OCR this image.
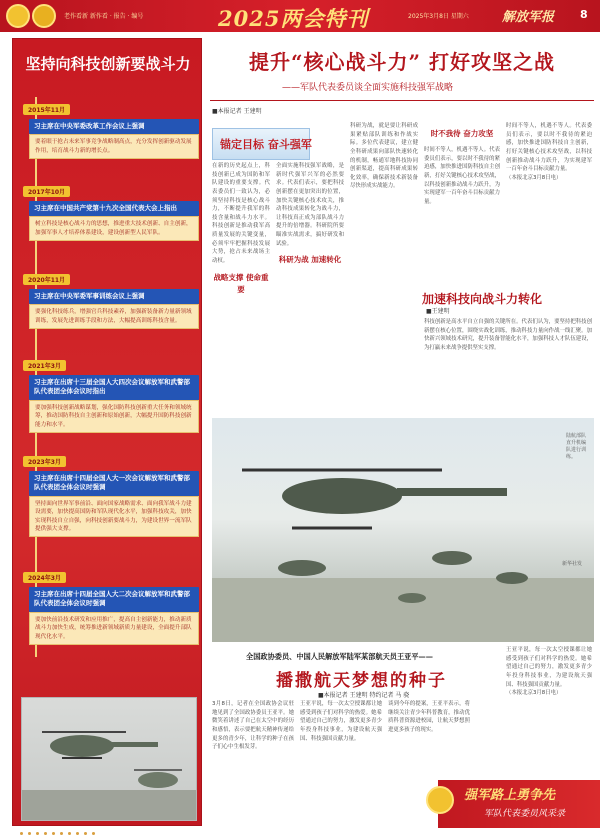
老作看新 新作看 · 报告 · 编号	2025两会特刊	2025年3月8日 星期六	解放军报 8
坚持向科技创新要战斗力
2015年11月
习主席在中央军委改革工作会议上强调
要着眼于抢占未来军事竞争战略制高点，充分发挥创新驱动发展作用，培育战斗力新的增长点。
2017年10月
习主席在中国共产党第十九次全国代表大会上指出
树立科技是核心战斗力的思想，推进重大技术创新、自主创新，加强军事人才培养体系建设，建设创新型人民军队。
2020年11月
习主席在中央军委军事训练会议上强调
要强化科技练兵，增强官兵科技素养，加强新装备新力量新领域训练，发展先进训练手段和方法，大幅提高训练科技含量。
2021年3月
习主席在出席十三届全国人大四次会议解放军和武警部队代表团全体会议时指出
要加强科技创新战略谋划，强化国防科技创新重大任务和领域统筹，推动国防科技自主创新和原始创新，大幅提升国防科技创新能力和水平。
2023年3月
习主席在出席十四届全国人大一次会议解放军和武警部队代表团全体会议时强调
坚持面向世界军事前沿、面向国家战略需求、面向我军战斗力建设需要，加快提高国防和军队现代化水平，加强科技攻关，加快实现科技自立自强，向科技创新要战斗力，为建设世界一流军队提供强大支撑。
2024年3月
习主席在出席十四届全国人大二次会议解放军和武警部队代表团全体会议时强调
要加快前沿技术研发和应用推广，提高自主创新能力，推动新质战斗力加快生成，统筹推进新领域新质力量建设，全面提升部队现代化水平。
提升“核心战斗力” 打好攻坚之战
——军队代表委员谈全面实施科技强军战略
■本报记者 王建明
锚定目标 奋斗强军
在新的历史起点上，科技创新已成为国防和军队建设的重要支撑。代表委员们一致认为，必须坚持科技是核心战斗力，不断提升我军的科技含量和战斗力水平。科技创新是推动我军高质量发展的关键变量，必须牢牢把握科技发展大势，抢占未来战场主动权。
战略支撑 使命重要
全面实施科技强军战略，是新时代强军兴军的必然要求。代表们表示，要把科技创新摆在更加突出的位置，加快关键核心技术攻关，推动科技成果转化为战斗力，让科技真正成为部队战斗力提升的倍增器。科研院所要瞄准实战需求，搞好研发和试验。
科研为战 加速转化
科研为战，就是要让科研成果紧贴部队训练和作战实际。多位代表建议，建立健全科研成果向部队快速转化的机制，畅通军地科技协同创新渠道，提高科研成果转化效率，确保新技术新装备尽快形成实战能力。
时不我待 奋力攻坚
时间不等人，机遇不等人。代表委员们表示，要以时不我待的紧迫感，加快推进国防科技自主创新，打好关键核心技术攻坚战，以科技创新推动战斗力跃升，为实现建军一百年奋斗目标贡献力量。
时间不等人，机遇不等人。代表委员们表示，要以时不我待的紧迫感，加快推进国防科技自主创新，打好关键核心技术攻坚战，以科技创新推动战斗力跃升，为实现建军一百年奋斗目标贡献力量。
（本报北京3月8日电）
加速科技向战斗力转化
■王建明
科技创新是高水平自立自强的关键所在。代表们认为，要坚持把科技创新摆在核心位置，围绕实战化训练，推动科技力量向作战一线汇聚。加快新兴领域技术研究，提升装备智能化水平，加强科技人才队伍建设，为打赢未来战争提供坚实支撑。
新华社发
陆航部队直升机编队进行训练。
全国政协委员、中国人民解放军陆军某部航天员王亚平——
播撒航天梦想的种子
■本报记者 王建明 特约记者 马 骁
3月8日，记者在全国政协会议驻地见到了全国政协委员王亚平。她微笑着讲述了自己在太空中的经历和感悟，表示要把航天精神传递给更多的青少年，让科学的种子在孩子们心中生根发芽。
王亚平说，每一次太空授课都让她感受到孩子们对科学的热爱。她希望通过自己的努力，激发更多青少年投身科技事业，为建设航天强国、科技强国贡献力量。
谈到今年的提案，王亚平表示，将继续关注青少年科普教育，推动优质科普资源进校园，让航天梦想照进更多孩子的现实。
王亚平说，每一次太空授课都让她感受到孩子们对科学的热爱。她希望通过自己的努力，激发更多青少年投身科技事业，为建设航天强国、科技强国贡献力量。
（本报北京3月8日电）
强军路上勇争先
军队代表委员风采录
